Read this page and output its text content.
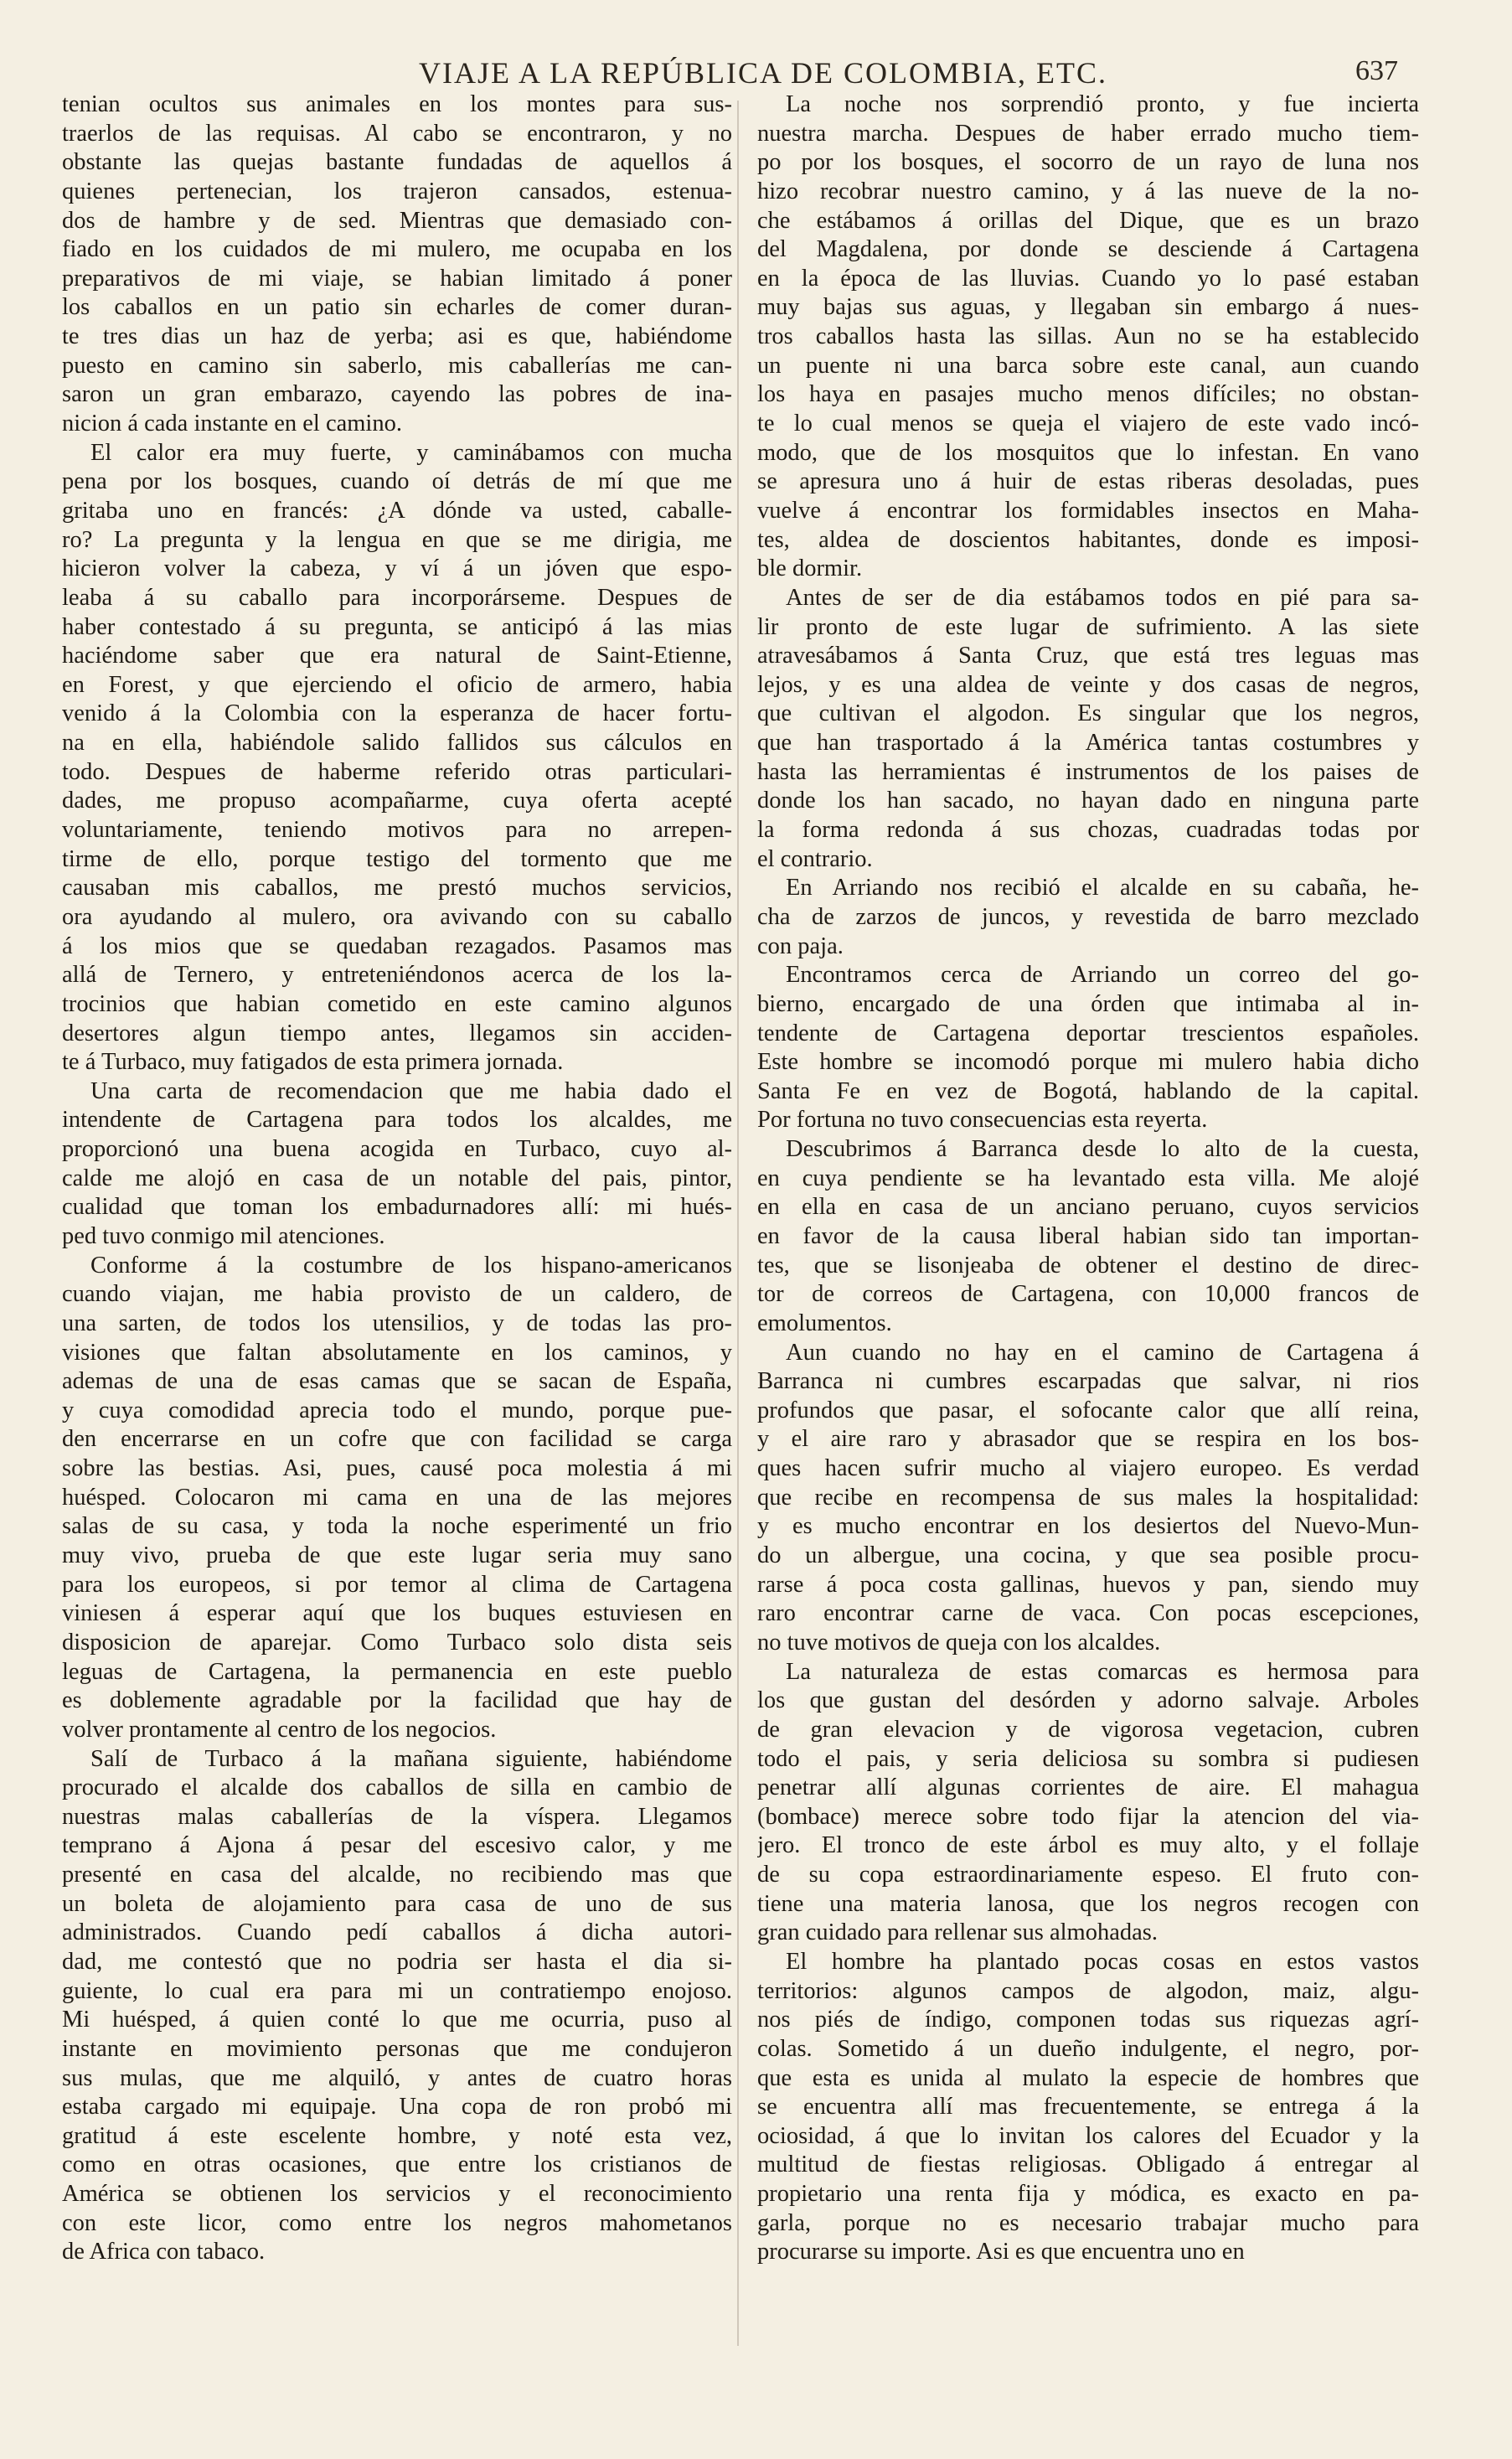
VIAJE A LA REPÚBLICA DE COLOMBIA, ETC.	637
tenian ocultos sus animales en los montes para sus-
traerlos de las requisas. Al cabo se encontraron, y no
obstante las quejas bastante fundadas de aquellos á
quienes pertenecian, los trajeron cansados, estenua-
dos de hambre y de sed. Mientras que demasiado con-
fiado en los cuidados de mi mulero, me ocupaba en los
preparativos de mi viaje, se habian limitado á poner
los caballos en un patio sin echarles de comer duran-
te tres dias un haz de yerba; asi es que, habiéndome
puesto en camino sin saberlo, mis caballerías me can-
saron un gran embarazo, cayendo las pobres de ina-
nicion á cada instante en el camino.
El calor era muy fuerte, y caminábamos con mucha
pena por los bosques, cuando oí detrás de mí que me
gritaba uno en francés: ¿A dónde va usted, caballe-
ro? La pregunta y la lengua en que se me dirigia, me
hicieron volver la cabeza, y ví á un jóven que espo-
leaba á su caballo para incorporárseme. Despues de
haber contestado á su pregunta, se anticipó á las mias
haciéndome saber que era natural de Saint-Etienne,
en Forest, y que ejerciendo el oficio de armero, habia
venido á la Colombia con la esperanza de hacer fortu-
na en ella, habiéndole salido fallidos sus cálculos en
todo. Despues de haberme referido otras particulari-
dades, me propuso acompañarme, cuya oferta acepté
voluntariamente, teniendo motivos para no arrepen-
tirme de ello, porque testigo del tormento que me
causaban mis caballos, me prestó muchos servicios,
ora ayudando al mulero, ora avivando con su caballo
á los mios que se quedaban rezagados. Pasamos mas
allá de Ternero, y entreteniéndonos acerca de los la-
trocinios que habian cometido en este camino algunos
desertores algun tiempo antes, llegamos sin acciden-
te á Turbaco, muy fatigados de esta primera jornada.
Una carta de recomendacion que me habia dado el
intendente de Cartagena para todos los alcaldes, me
proporcionó una buena acogida en Turbaco, cuyo al-
calde me alojó en casa de un notable del pais, pintor,
cualidad que toman los embadurnadores allí: mi hués-
ped tuvo conmigo mil atenciones.
Conforme á la costumbre de los hispano-americanos
cuando viajan, me habia provisto de un caldero, de
una sarten, de todos los utensilios, y de todas las pro-
visiones que faltan absolutamente en los caminos, y
ademas de una de esas camas que se sacan de España,
y cuya comodidad aprecia todo el mundo, porque pue-
den encerrarse en un cofre que con facilidad se carga
sobre las bestias. Asi, pues, causé poca molestia á mi
huésped. Colocaron mi cama en una de las mejores
salas de su casa, y toda la noche esperimenté un frio
muy vivo, prueba de que este lugar seria muy sano
para los europeos, si por temor al clima de Cartagena
viniesen á esperar aquí que los buques estuviesen en
disposicion de aparejar. Como Turbaco solo dista seis
leguas de Cartagena, la permanencia en este pueblo
es doblemente agradable por la facilidad que hay de
volver prontamente al centro de los negocios.
Salí de Turbaco á la mañana siguiente, habiéndome
procurado el alcalde dos caballos de silla en cambio de
nuestras malas caballerías de la víspera. Llegamos
temprano á Ajona á pesar del escesivo calor, y me
presenté en casa del alcalde, no recibiendo mas que
un boleta de alojamiento para casa de uno de sus
administrados. Cuando pedí caballos á dicha autori-
dad, me contestó que no podria ser hasta el dia si-
guiente, lo cual era para mi un contratiempo enojoso.
Mi huésped, á quien conté lo que me ocurria, puso al
instante en movimiento personas que me condujeron
sus mulas, que me alquiló, y antes de cuatro horas
estaba cargado mi equipaje. Una copa de ron probó mi
gratitud á este escelente hombre, y noté esta vez,
como en otras ocasiones, que entre los cristianos de
América se obtienen los servicios y el reconocimiento
con este licor, como entre los negros mahometanos
de Africa con tabaco.
La noche nos sorprendió pronto, y fue incierta
nuestra marcha. Despues de haber errado mucho tiem-
po por los bosques, el socorro de un rayo de luna nos
hizo recobrar nuestro camino, y á las nueve de la no-
che estábamos á orillas del Dique, que es un brazo
del Magdalena, por donde se desciende á Cartagena
en la época de las lluvias. Cuando yo lo pasé estaban
muy bajas sus aguas, y llegaban sin embargo á nues-
tros caballos hasta las sillas. Aun no se ha establecido
un puente ni una barca sobre este canal, aun cuando
los haya en pasajes mucho menos difíciles; no obstan-
te lo cual menos se queja el viajero de este vado incó-
modo, que de los mosquitos que lo infestan. En vano
se apresura uno á huir de estas riberas desoladas, pues
vuelve á encontrar los formidables insectos en Maha-
tes, aldea de doscientos habitantes, donde es imposi-
ble dormir.
Antes de ser de dia estábamos todos en pié para sa-
lir pronto de este lugar de sufrimiento. A las siete
atravesábamos á Santa Cruz, que está tres leguas mas
lejos, y es una aldea de veinte y dos casas de negros,
que cultivan el algodon. Es singular que los negros,
que han trasportado á la América tantas costumbres y
hasta las herramientas é instrumentos de los paises de
donde los han sacado, no hayan dado en ninguna parte
la forma redonda á sus chozas, cuadradas todas por
el contrario.
En Arriando nos recibió el alcalde en su cabaña, he-
cha de zarzos de juncos, y revestida de barro mezclado
con paja.
Encontramos cerca de Arriando un correo del go-
bierno, encargado de una órden que intimaba al in-
tendente de Cartagena deportar trescientos españoles.
Este hombre se incomodó porque mi mulero habia dicho
Santa Fe en vez de Bogotá, hablando de la capital.
Por fortuna no tuvo consecuencias esta reyerta.
Descubrimos á Barranca desde lo alto de la cuesta,
en cuya pendiente se ha levantado esta villa. Me alojé
en ella en casa de un anciano peruano, cuyos servicios
en favor de la causa liberal habian sido tan importan-
tes, que se lisonjeaba de obtener el destino de direc-
tor de correos de Cartagena, con 10,000 francos de
emolumentos.
Aun cuando no hay en el camino de Cartagena á
Barranca ni cumbres escarpadas que salvar, ni rios
profundos que pasar, el sofocante calor que allí reina,
y el aire raro y abrasador que se respira en los bos-
ques hacen sufrir mucho al viajero europeo. Es verdad
que recibe en recompensa de sus males la hospitalidad:
y es mucho encontrar en los desiertos del Nuevo-Mun-
do un albergue, una cocina, y que sea posible procu-
rarse á poca costa gallinas, huevos y pan, siendo muy
raro encontrar carne de vaca. Con pocas escepciones,
no tuve motivos de queja con los alcaldes.
La naturaleza de estas comarcas es hermosa para
los que gustan del desórden y adorno salvaje. Arboles
de gran elevacion y de vigorosa vegetacion, cubren
todo el pais, y seria deliciosa su sombra si pudiesen
penetrar allí algunas corrientes de aire. El mahagua
(bombace) merece sobre todo fijar la atencion del via-
jero. El tronco de este árbol es muy alto, y el follaje
de su copa estraordinariamente espeso. El fruto con-
tiene una materia lanosa, que los negros recogen con
gran cuidado para rellenar sus almohadas.
El hombre ha plantado pocas cosas en estos vastos
territorios: algunos campos de algodon, maiz, algu-
nos piés de índigo, componen todas sus riquezas agrí-
colas. Sometido á un dueño indulgente, el negro, por-
que esta es unida al mulato la especie de hombres que
se encuentra allí mas frecuentemente, se entrega á la
ociosidad, á que lo invitan los calores del Ecuador y la
multitud de fiestas religiosas. Obligado á entregar al
propietario una renta fija y módica, es exacto en pa-
garla, porque no es necesario trabajar mucho para
procurarse su importe. Asi es que encuentra uno en
